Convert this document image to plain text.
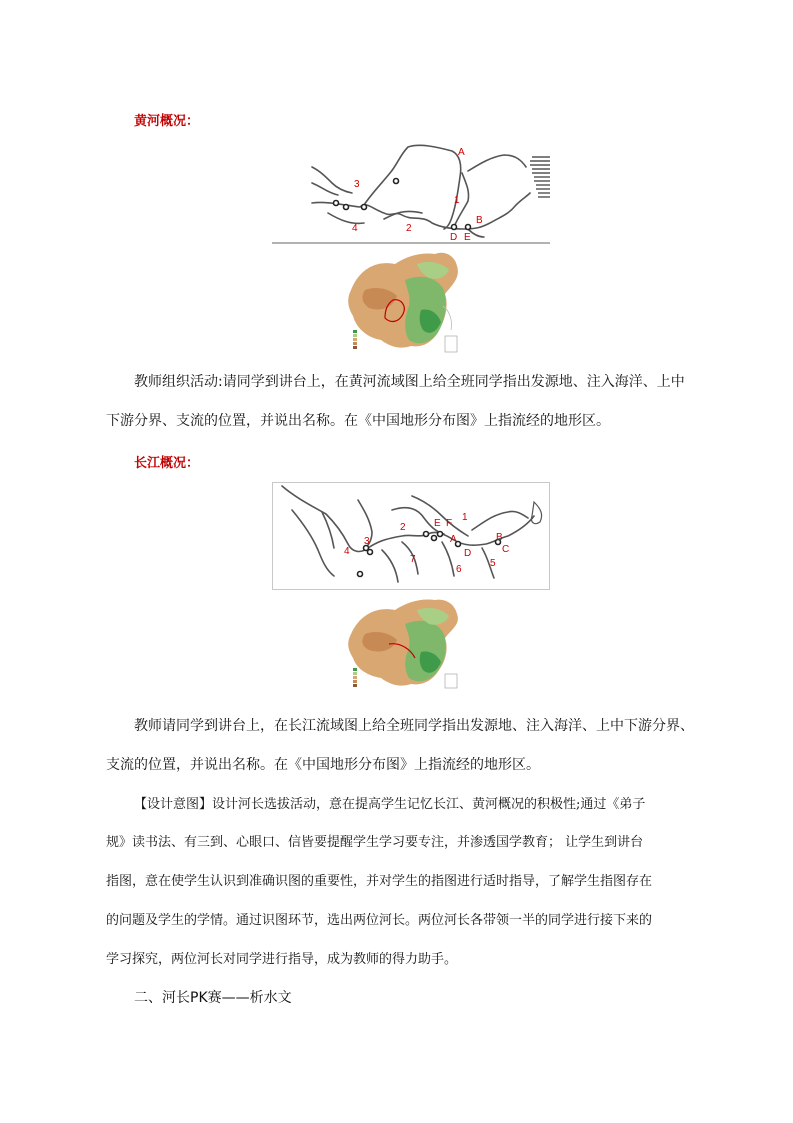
黄河概况：
A
1
2
3
4
B
D E
教师组织活动:请同学到讲台上，在黄河流域图上给全班同学指出发源地、注入海洋、上中
下游分界、支流的位置，并说出名称。在《中国地形分布图》上指流经的地形区。
长江概况：
1
2
3
4
5
6
7
A	B
C
D
E F
教师请同学到讲台上，在长江流域图上给全班同学指出发源地、注入海洋、上中下游分界、
支流的位置，并说出名称。在《中国地形分布图》上指流经的地形区。
【设计意图】设计河长选拔活动，意在提高学生记忆长江、黄河概况的积极性;通过《弟子
规》读书法、有三到、心眼口、信皆要提醒学生学习要专注，并渗透国学教育； 让学生到讲台
指图，意在使学生认识到准确识图的重要性，并对学生的指图进行适时指导，了解学生指图存在
的问题及学生的学情。通过识图环节，选出两位河长。两位河长各带领一半的同学进行接下来的
学习探究，两位河长对同学进行指导，成为教师的得力助手。
二、河长PK赛——析水文
